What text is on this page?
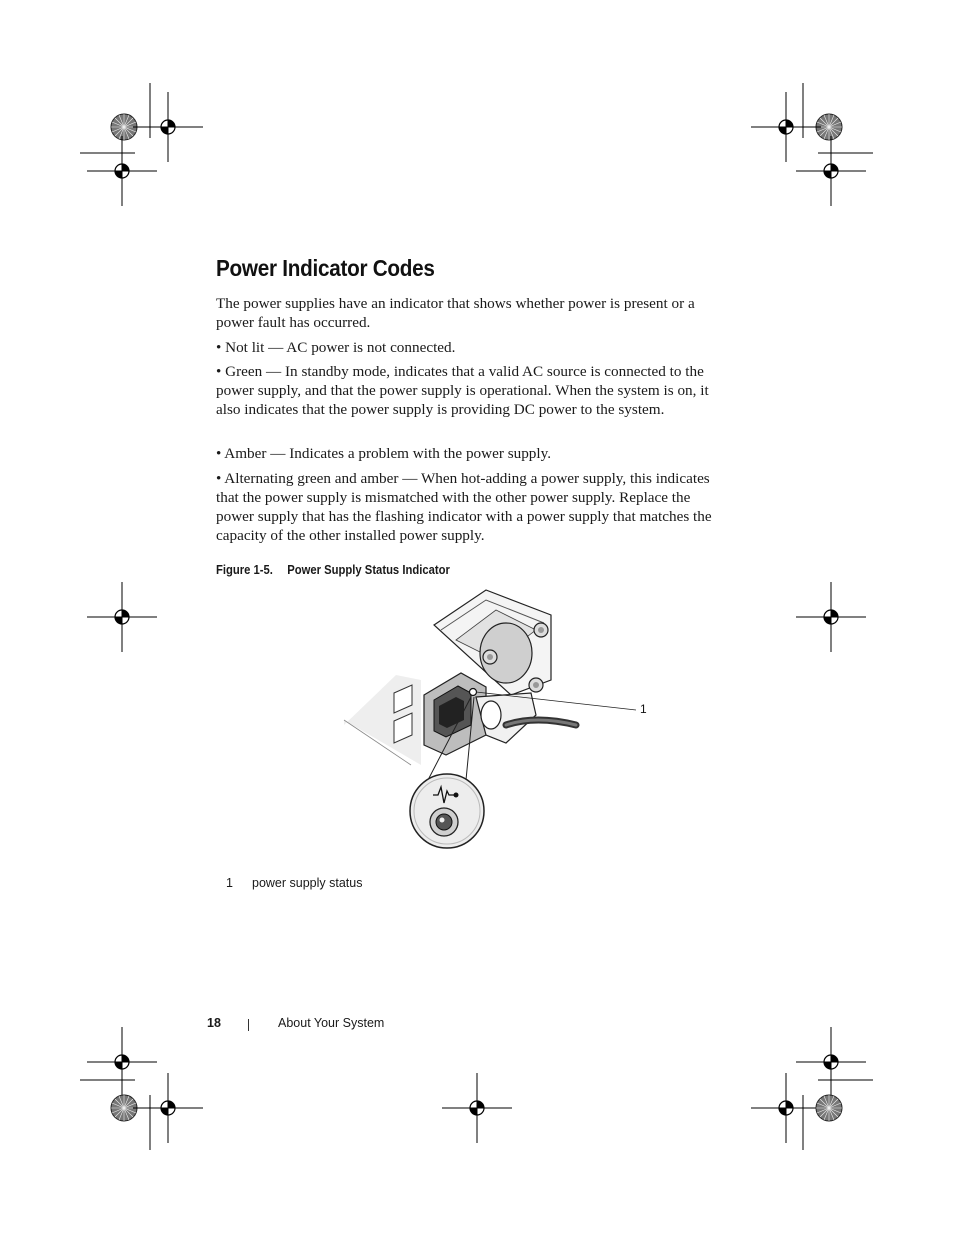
Power Indicator Codes

The power supplies have an indicator that shows whether power is present or a power fault has occurred.

• Not lit — AC power is not connected.

• Green — In standby mode, indicates that a valid AC source is connected to the power supply, and that the power supply is operational. When the system is on, it also indicates that the power supply is providing DC power to the system.

• Amber — Indicates a problem with the power supply.

• Alternating green and amber — When hot-adding a power supply, this indicates that the power supply is mismatched with the other power supply. Replace the power supply that has the flashing indicator with a power supply that matches the capacity of the other installed power supply.

Figure 1-5. Power Supply Status Indicator
1
1 power supply status
18	About Your System
